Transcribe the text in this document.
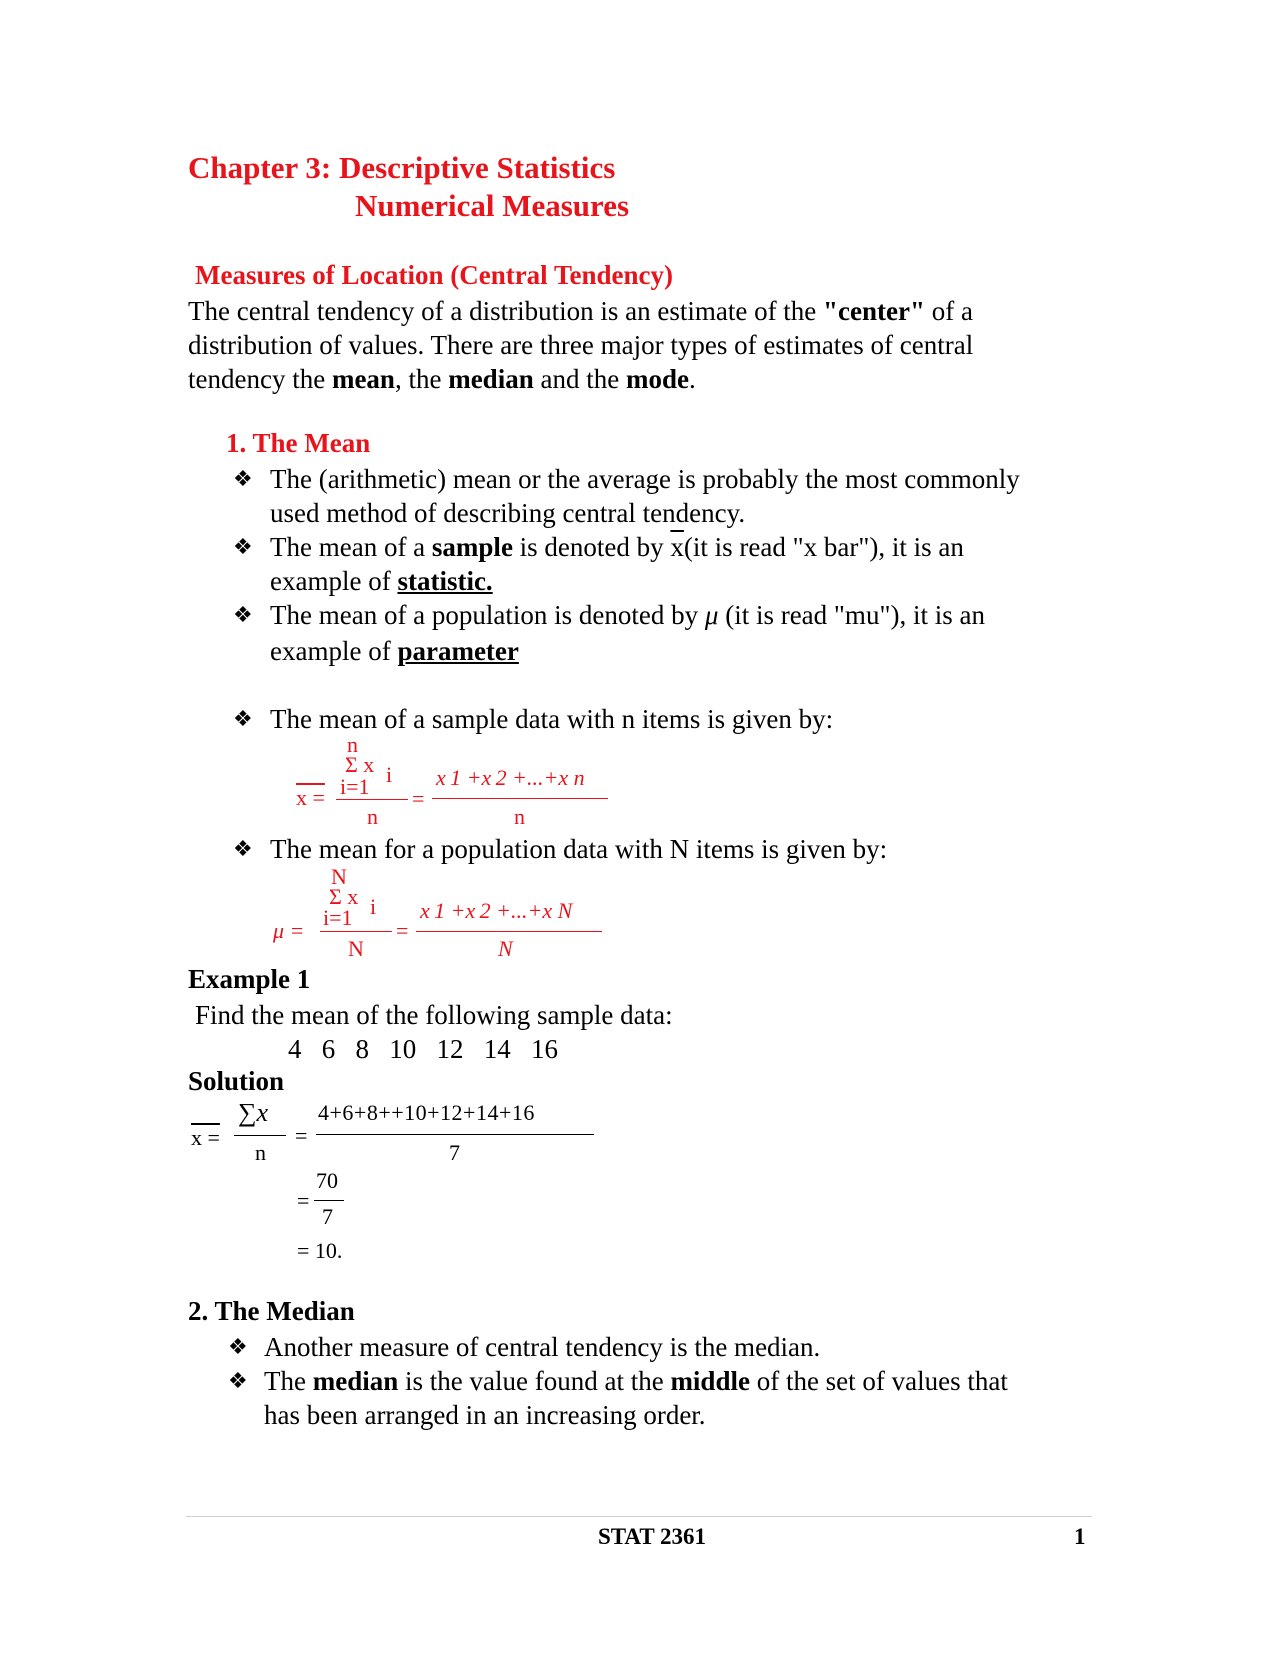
Chapter 3: Descriptive Statistics
Numerical Measures
Measures of Location (Central Tendency)
The central tendency of a distribution is an estimate of the "center" of a
distribution of values. There are three major types of estimates of central
tendency the mean, the median and the mode.
1. The Mean
❖ The (arithmetic) mean or the average is probably the most commonly
used method of describing central tendency.
❖ The mean of a sample is denoted by $\overline{x}(it$ is read "x bar"), it is an
example of statistic.
❖ The mean of a population is denoted by μ (it is read "mu"), it is an
example of parameter
❖ The mean of a sample data with n items is given by:
n
Σ x i
i=1
x =
n
=
x 1 +x 2 +...+x n
n
❖ The mean for a population data with N items is given by:
N
Σ x i
i=1
μ =
N
=
x 1 +x 2 +...+x N
N
Example 1
Find the mean of the following sample data:
4 6 8 10 12 14 16
Solution
x =
∑x
n
=
4+6+8++10+12+14+16
7
=
70
7
= 10.
2. The Median
❖ Another measure of central tendency is the median.
❖ The median is the value found at the middle of the set of values that
has been arranged in an increasing order.
STAT 2361	1
